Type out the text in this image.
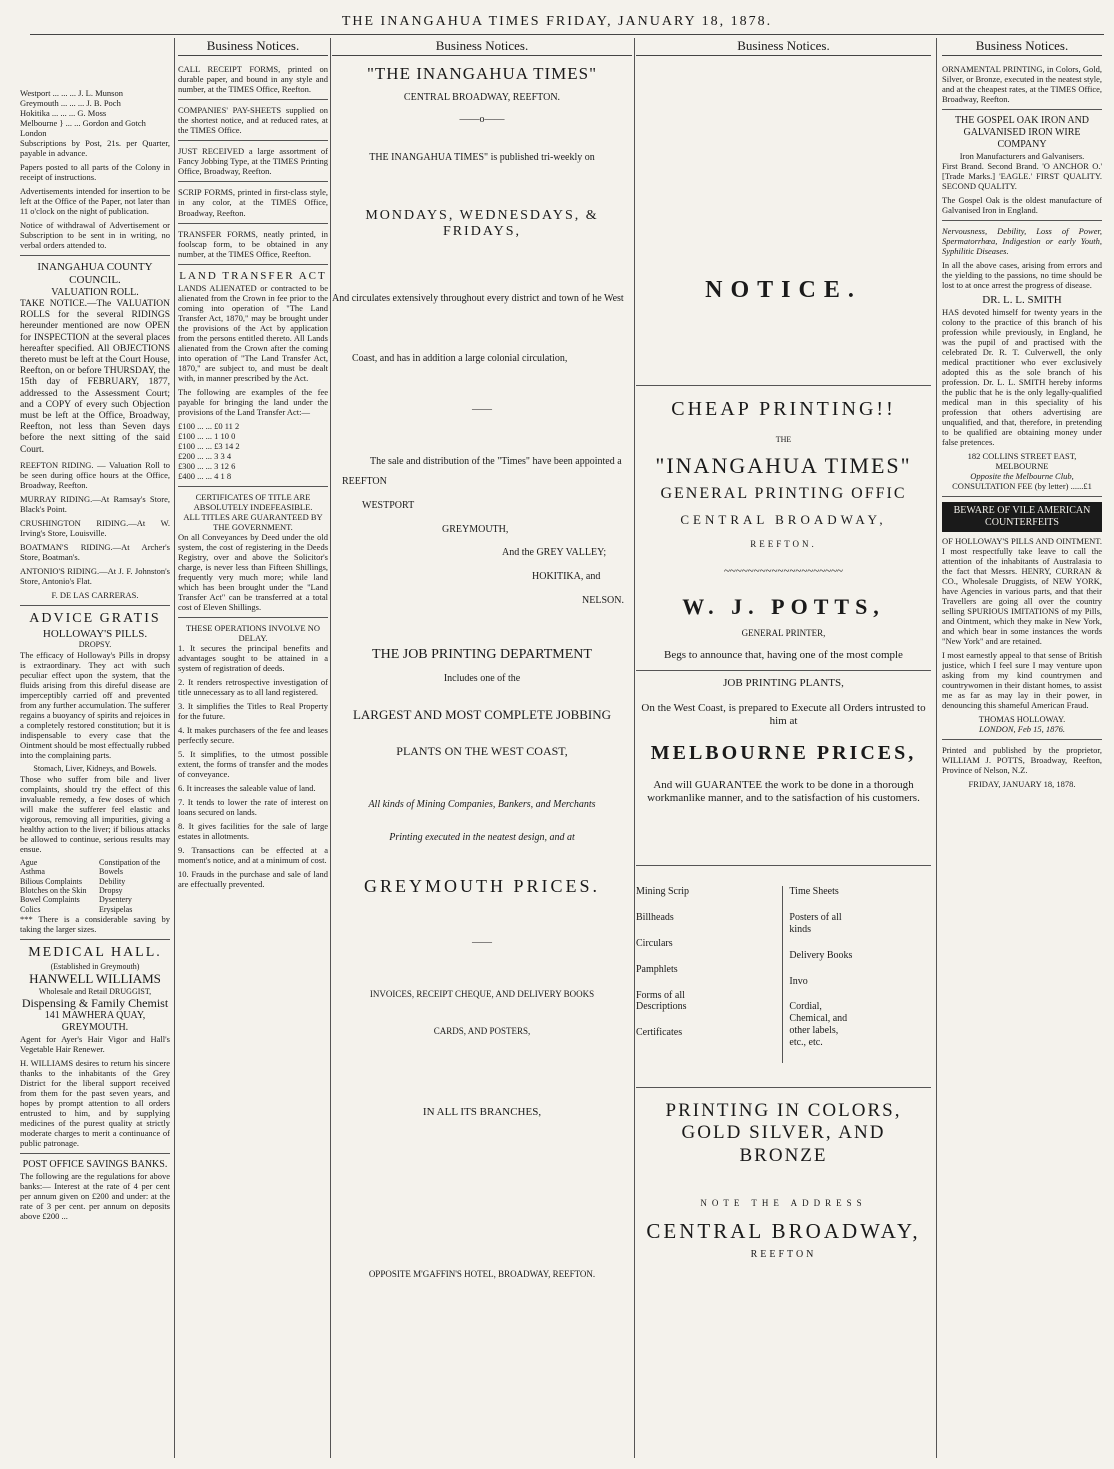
THE INANGAHUA TIMES FRIDAY, JANUARY 18, 1878.
Westport ... ... ... J. L. Munson
Greymouth ... ... ... J. B. Poch
Hokitika ... ... ... G. Moss
Melbourne } ... ... Gordon and Gotch
London

Subscriptions by Post, 21s. per Quarter, payable in advance.

Papers posted to all parts of the Colony in receipt of instructions.

Advertisements intended for insertion to be left at the Office of the Paper, not later than 11 o'clock on the night of publication.

Notice of withdrawal of Advertisement or Subscription to be sent in in writing, no verbal orders attended to.

INANGAHUA COUNTY COUNCIL.
VALUATION ROLL.

TAKE NOTICE.—The VALUATION ROLLS for the several RIDINGS hereunder mentioned are now OPEN for INSPECTION at the several places hereafter specified. All OBJECTIONS thereto must be left at the Court House, Reefton, on or before THURSDAY, the 15th day of FEBRUARY, 1877, addressed to the Assessment Court; and a COPY of every such Objection must be left at the Office, Broadway, Reefton, not less than Seven days before the next sitting of the said Court.

REEFTON RIDING. — Valuation Roll to be seen during office hours at the Office, Broadway, Reefton.

MURRAY RIDING.—At Ramsay's Store, Black's Point.

CRUSHINGTON RIDING.—At W. Irving's Store, Louisville.

BOATMAN'S RIDING.—At Archer's Store, Boatman's.

ANTONIO'S RIDING.—At J. F. Johnston's Store, Antonio's Flat.

F. DE LAS CARRERAS.
ADVICE GRATIS
HOLLOWAY'S PILLS.
DROPSY.

The efficacy of Holloway's Pills in dropsy is extraordinary. They act with such peculiar effect upon the system, that the fluids arising from this direful disease are imperceptibly carried off and prevented from any further accumulation. The sufferer regains a buoyancy of spirits and rejoices in a completely restored constitution; but it is indispensable to every case that the Ointment should be most effectually rubbed into the complaining parts.

Stomach, Liver, Kidneys, and Bowels.

Those who suffer from bile and liver complaints, should try the effect of this invaluable remedy, a few doses of which will make the sufferer feel elastic and vigorous, removing all impurities, giving a healthy action to the liver; if bilious attacks be allowed to continue, serious results may ensue.

Ague
Asthma
Bilious Complaints
Blotches on the Skin
Bowel Complaints
Colics
Constipation of the Bowels
Debility
Dropsy
Dysentery
Erysipelas

*** There is a considerable saving by taking the larger sizes.

MEDICAL HALL.
(Established in Greymouth)
HANWELL WILLIAMS
Wholesale and Retail DRUGGIST,
Dispensing & Family Chemist
141 MAWHERA QUAY, GREYMOUTH.

Agent for Ayer's Hair Vigor and Hall's Vegetable Hair Renewer.

H. WILLIAMS desires to return his sincere thanks to the inhabitants of the Grey District for the liberal support received from them for the past seven years, and hopes by prompt attention to all orders entrusted to him, and by supplying medicines of the purest quality at strictly moderate charges to merit a continuance of public patronage.

POST OFFICE SAVINGS BANKS.

The following are the regulations for above banks:— Interest at the rate of 4 per cent per annum given on £200 and under: at the rate of 3 per cent. per annum on deposits above £200 ...

Business Notices.

CALL RECEIPT FORMS, printed on durable paper, and bound in any style and number, at the TIMES Office, Reefton.

COMPANIES' PAY-SHEETS supplied on the shortest notice, and at reduced rates, at the TIMES Office.

JUST RECEIVED a large assortment of Fancy Jobbing Type, at the TIMES Printing Office, Broadway, Reefton.

SCRIP FORMS, printed in first-class style, in any color, at the TIMES Office, Broadway, Reefton.

TRANSFER FORMS, neatly printed, in foolscap form, to be obtained in any number, at the TIMES Office, Reefton.

LAND TRANSFER ACT

LANDS ALIENATED or contracted to be alienated from the Crown in fee prior to the coming into operation of "The Land Transfer Act, 1870," may be brought under the provisions of the Act by application from the persons entitled thereto. All Lands alienated from the Crown after the coming into operation of "The Land Transfer Act, 1870," are subject to, and must be dealt with, in manner prescribed by the Act.

The following are examples of the fee payable for bringing the land under the provisions of the Land Transfer Act:—

£100 ... ... £0 11 2
£100 ... ... 1 10 0
£100 ... ... £3 14 2
£200 ... ... 3 3 4
£300 ... ... 3 12 6
£400 ... ... 4 1 8
CERTIFICATES OF TITLE ARE ABSOLUTELY INDEFEASIBLE.
ALL TITLES ARE GUARANTEED BY THE GOVERNMENT.

On all Conveyances by Deed under the old system, the cost of registering in the Deeds Registry, over and above the Solicitor's charge, is never less than Fifteen Shillings, frequently very much more; while land which has been brought under the "Land Transfer Act" can be transferred at a total cost of Eleven Shillings.

THESE OPERATIONS INVOLVE NO DELAY.

1. It secures the principal benefits and advantages sought to be attained in a system of registration of deeds.

2. It renders retrospective investigation of title unnecessary as to all land registered.

3. It simplifies the Titles to Real Property for the future.

4. It makes purchasers of the fee and leases perfectly secure.

5. It simplifies, to the utmost possible extent, the forms of transfer and the modes of conveyance.

6. It increases the saleable value of land.

7. It tends to lower the rate of interest on loans secured on lands.

8. It gives facilities for the sale of large estates in allotments.

9. Transactions can be effected at a moment's notice, and at a minimum of cost.

10. Frauds in the purchase and sale of land are effectually prevented.

Business Notices.
"THE INANGAHUA TIMES"
CENTRAL BROADWAY, REEFTON.
——o——
THE INANGAHUA TIMES" is published tri-weekly on
MONDAYS, WEDNESDAYS, & FRIDAYS,
And circulates extensively throughout every district and town of he West
Coast, and has in addition a large colonial circulation,
——
The sale and distribution of the "Times" have been appointed a
REEFTON
WESTPORT
GREYMOUTH,
And the GREY VALLEY;
HOKITIKA, and
NELSON.
THE JOB PRINTING DEPARTMENT
Includes one of the
LARGEST AND MOST COMPLETE JOBBING
PLANTS ON THE WEST COAST,
All kinds of Mining Companies, Bankers, and Merchants
Printing executed in the neatest design, and at
GREYMOUTH PRICES.
——
INVOICES, RECEIPT CHEQUE, AND DELIVERY BOOKS
CARDS, AND POSTERS,
IN ALL ITS BRANCHES,
OPPOSITE M'GAFFIN'S HOTEL, BROADWAY, REEFTON.
Business Notices.
NOTICE.
CHEAP PRINTING!!
THE
"INANGAHUA TIMES"
GENERAL PRINTING OFFIC
CENTRAL BROADWAY,
REEFTON.
~~~~~~~~~~~~~~~~~~~~
W. J. POTTS,
GENERAL PRINTER,
Begs to announce that, having one of the most comple
JOB PRINTING PLANTS,
On the West Coast, is prepared to Execute all Orders intrusted to him at
MELBOURNE PRICES,
And will GUARANTEE the work to be done in a thorough workmanlike manner, and to the satisfaction of his customers.
Mining Scrip
Billheads
Circulars
Pamphlets
Forms of all Descriptions
Certificates
Time Sheets
Posters of all kinds
Delivery Books
Invo
Cordial, Chemical, and other labels, etc., etc.
PRINTING IN COLORS, GOLD SILVER, AND BRONZE
NOTE THE ADDRESS
CENTRAL BROADWAY,
REEFTON
Business Notices.

ORNAMENTAL PRINTING, in Colors, Gold, Silver, or Bronze, executed in the neatest style, and at the cheapest rates, at the TIMES Office, Broadway, Reefton.

THE GOSPEL OAK IRON AND GALVANISED IRON WIRE COMPANY
Iron Manufacturers and Galvanisers.

First Brand. Second Brand. 'O ANCHOR O.' [Trade Marks.] 'EAGLE.' FIRST QUALITY. SECOND QUALITY.

The Gospel Oak is the oldest manufacture of Galvanised Iron in England.

Nervousness, Debility, Loss of Power, Spermatorrhœa, Indigestion or early Youth, Syphilitic Diseases.

In all the above cases, arising from errors and the yielding to the passions, no time should be lost to at once arrest the progress of disease.

DR. L. L. SMITH

HAS devoted himself for twenty years in the colony to the practice of this branch of his profession while previously, in England, he was the pupil of and practised with the celebrated Dr. R. T. Culverwell, the only medical practitioner who ever exclusively adopted this as the sole branch of his profession. Dr. L. L. SMITH hereby informs the public that he is the only legally-qualified medical man in this speciality of his profession that others advertising are unqualified, and that, therefore, in pretending to be qualified are obtaining money under false pretences.

182 COLLINS STREET EAST, MELBOURNE
Opposite the Melbourne Club,
CONSULTATION FEE (by letter) ......£1
BEWARE OF VILE AMERICAN COUNTERFEITS

OF HOLLOWAY'S PILLS AND OINTMENT. I most respectfully take leave to call the attention of the inhabitants of Australasia to the fact that Messrs. HENRY, CURRAN & CO., Wholesale Druggists, of NEW YORK, have Agencies in various parts, and that their Travellers are going all over the country selling SPURIOUS IMITATIONS of my Pills, and Ointment, which they make in New York, and which bear in some instances the words "New York" and are retained.

I most earnestly appeal to that sense of British justice, which I feel sure I may venture upon asking from my kind countrymen and countrywomen in their distant homes, to assist me as far as may lay in their power, in denouncing this shameful American Fraud.

THOMAS HOLLOWAY.
LONDON, Feb 15, 1876.

Printed and published by the proprietor, WILLIAM J. POTTS, Broadway, Reefton, Province of Nelson, N.Z.

FRIDAY, JANUARY 18, 1878.
